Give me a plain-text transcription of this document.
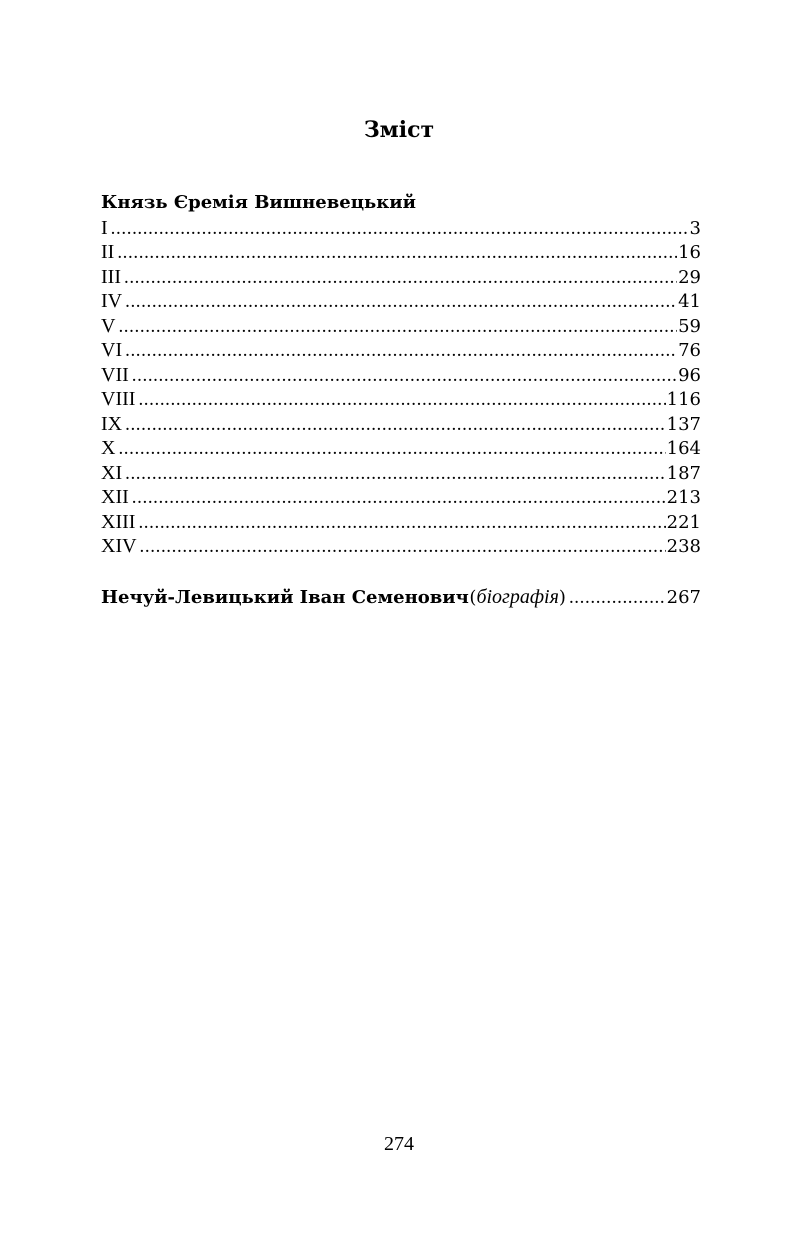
Зміст
Князь Єремія Вишневецький
I .....	3
II .....	16
III .....	29
IV .....	41
V .....	59
VI .....	76
VII .....	96
VIII .....	116
IX .....	137
X .....	164
XI .....	187
XII .....	213
XIII .....	221
XIV .....	238
Нечуй-Левицький Іван Семенович ( біографія ) .....	267
274
